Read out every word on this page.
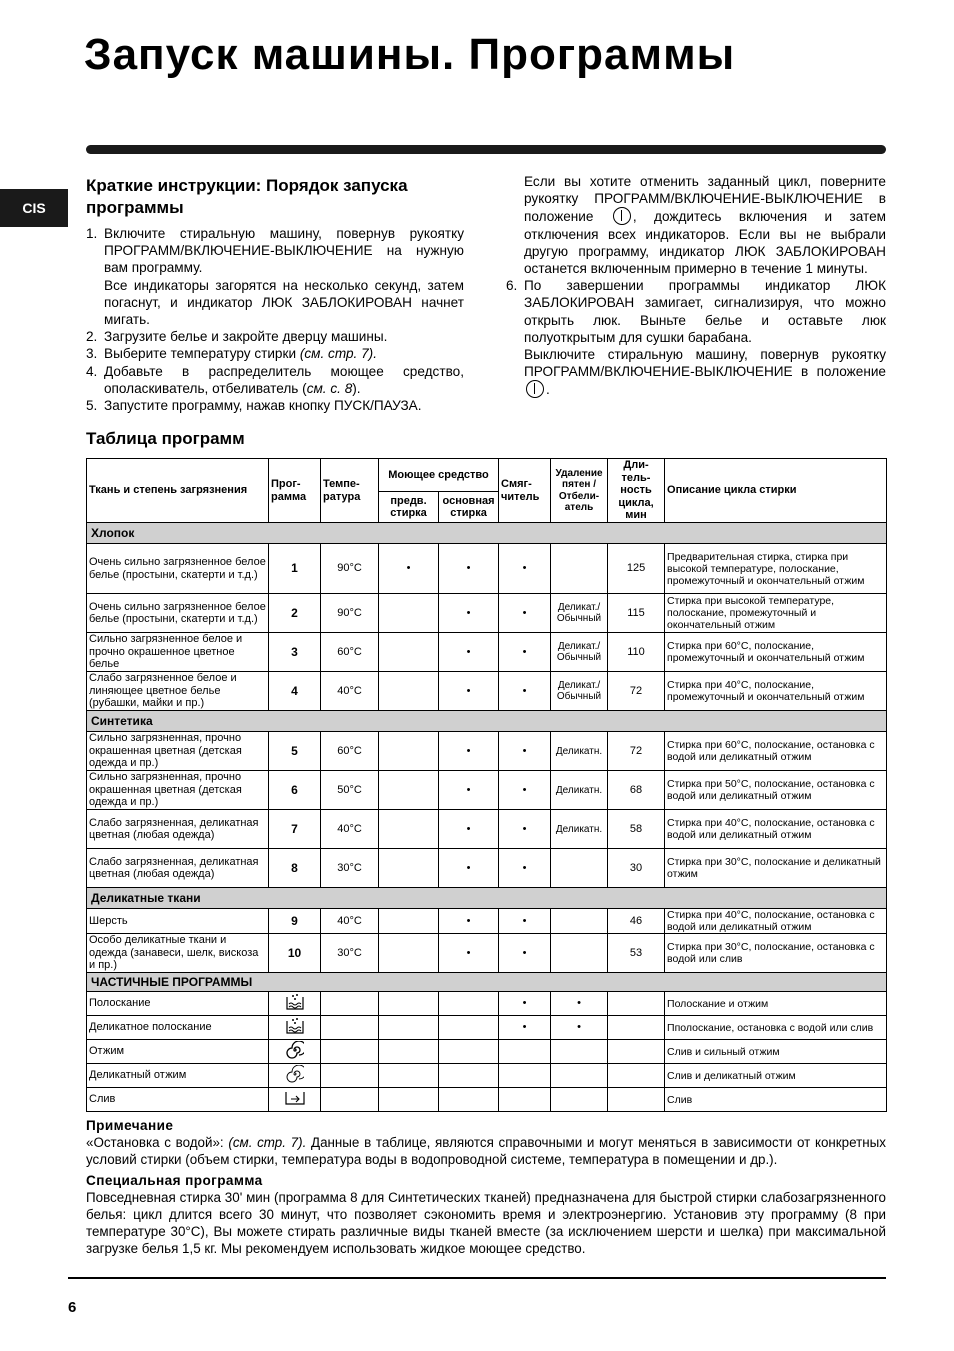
Запуск машины. Программы
CIS
Краткие инструкции: Порядок запуска программы
1. Включите стиральную машину, повернув рукоятку ПРОГРАММ/ВКЛЮЧЕНИЕ-ВЫКЛЮЧЕНИЕ на нужную вам программу.
Все индикаторы загорятся на несколько секунд, затем погаснут, и индикатор ЛЮК ЗАБЛОКИРОВАН начнет мигать.
2. Загрузите белье и закройте дверцу машины.
3. Выберите температуру стирки (см. стр. 7).
4. Добавьте в распределитель моющее средство, ополаскиватель, отбеливатель (см. с. 8).
5. Запустите программу, нажав кнопку ПУСК/ПАУЗА.
Если вы хотите отменить заданный цикл, поверните рукоятку ПРОГРАММ/ВКЛЮЧЕНИЕ-ВЫКЛЮЧЕНИЕ в положение	, дождитесь включения и затем отключения всех индикаторов. Если вы не выбрали другую программу, индикатор ЛЮК ЗАБЛОКИРОВАН останется включенным примерно в течение 1 минуты.
6. По завершении программы индикатор ЛЮК ЗАБЛОКИРОВАН замигает, сигнализируя, что можно открыть люк. Выньте белье и оставьте люк полуоткрытым для сушки барабана.
Выключите стиральную машину, повернув рукоятку ПРОГРАММ/ВКЛЮЧЕНИЕ-ВЫКЛЮЧЕНИЕ в положение .
Таблица программ
Ткань и степень загрязнения	Прог-рамма	Темпе-ратура	Моющее средство		Смяг-читель	Удаление пятен / Отбели-атель	Дли-тель-ность цикла, мин	Описание цикла стирки
			предв. стирка	основная стирка				
Хлопок								
Очень сильно загрязненное белое белье (простыни, скатерти и т.д.)	1	90°C	•	•	•		125	Предварительная стирка, стирка при высокой температуре, полоскание, промежуточный и окончательный отжим
Очень сильно загрязненное белое белье (простыни, скатерти и т.д.)	2	90°C		•	•	Деликат./ Обычный	115	Стирка при высокой температуре, полоскание, промежуточный и окончательный отжим
Сильно загрязненное белое и прочно окрашенное цветное белье	3	60°C		•	•	Деликат./ Обычный	110	Стирка при 60°C, полоскание, промежуточный и окончательный отжим
Слабо загрязненное белое и линяющее цветное белье (рубашки, майки и пр.)	4	40°C		•	•	Деликат./ Обычный	72	Стирка при 40°C, полоскание, промежуточный и окончательный отжим
Синтетика								
Сильно загрязненная, прочно окрашенная цветная (детская одежда и пр.)	5	60°C		•	•	Деликатн.	72	Стирка при 60°C, полоскание, остановка с водой или деликатный отжим
Сильно загрязненная, прочно окрашенная цветная (детская одежда и пр.)	6	50°C		•	•	Деликатн.	68	Стирка при 50°C, полоскание, остановка с водой или деликатный отжим
Слабо загрязненная, деликатная цветная (любая одежда)	7	40°C		•	•	Деликатн.	58	Стирка при 40°C, полоскание, остановка с водой или деликатный отжим
Слабо загрязненная, деликатная цветная (любая одежда)	8	30°C		•	•		30	Стирка при 30°C, полоскание и деликатный отжим
Деликатные ткани								
Шерсть	9	40°C		•	•		46	Стирка при 40°C, полоскание, остановка с водой или деликатный отжим
Особо деликатные ткани и одежда (занавеси, шелк, вискоза и пр.)	10	30°C		•	•		53	Стирка при 30°C, полоскание, остановка с водой или слив
ЧАСТИЧНЫЕ ПРОГРАММЫ								
Полоскание					•	•		Полоскание и отжим
Деликатное полоскание					•	•		Пполоскание, остановка с водой или слив
Отжим								Слив и сильный отжим
Деликатный отжим								Слив и деликатный отжим
Слив								Слив
Примечание

«Остановка с водой»: (см. стр. 7). Данные в таблице, являются справочными и могут меняться в зависимости от конкретных условий стирки (объем стирки, температура воды в водопроводной системе, температура в помещении и др.).

Специальная программа

Повседневная стирка 30' мин (программа 8 для Синтетических тканей) предназначена для быстрой стирки слабозагрязненного белья: цикл длится всего 30 минут, что позволяет сэкономить время и электроэнергию. Установив эту программу (8 при температуре 30°C), Вы можете стирать различные виды тканей вместе (за исключением шерсти и шелка) при максимальной загрузке белья 1,5 кг. Мы рекомендуем использовать жидкое моющее средство.

6
